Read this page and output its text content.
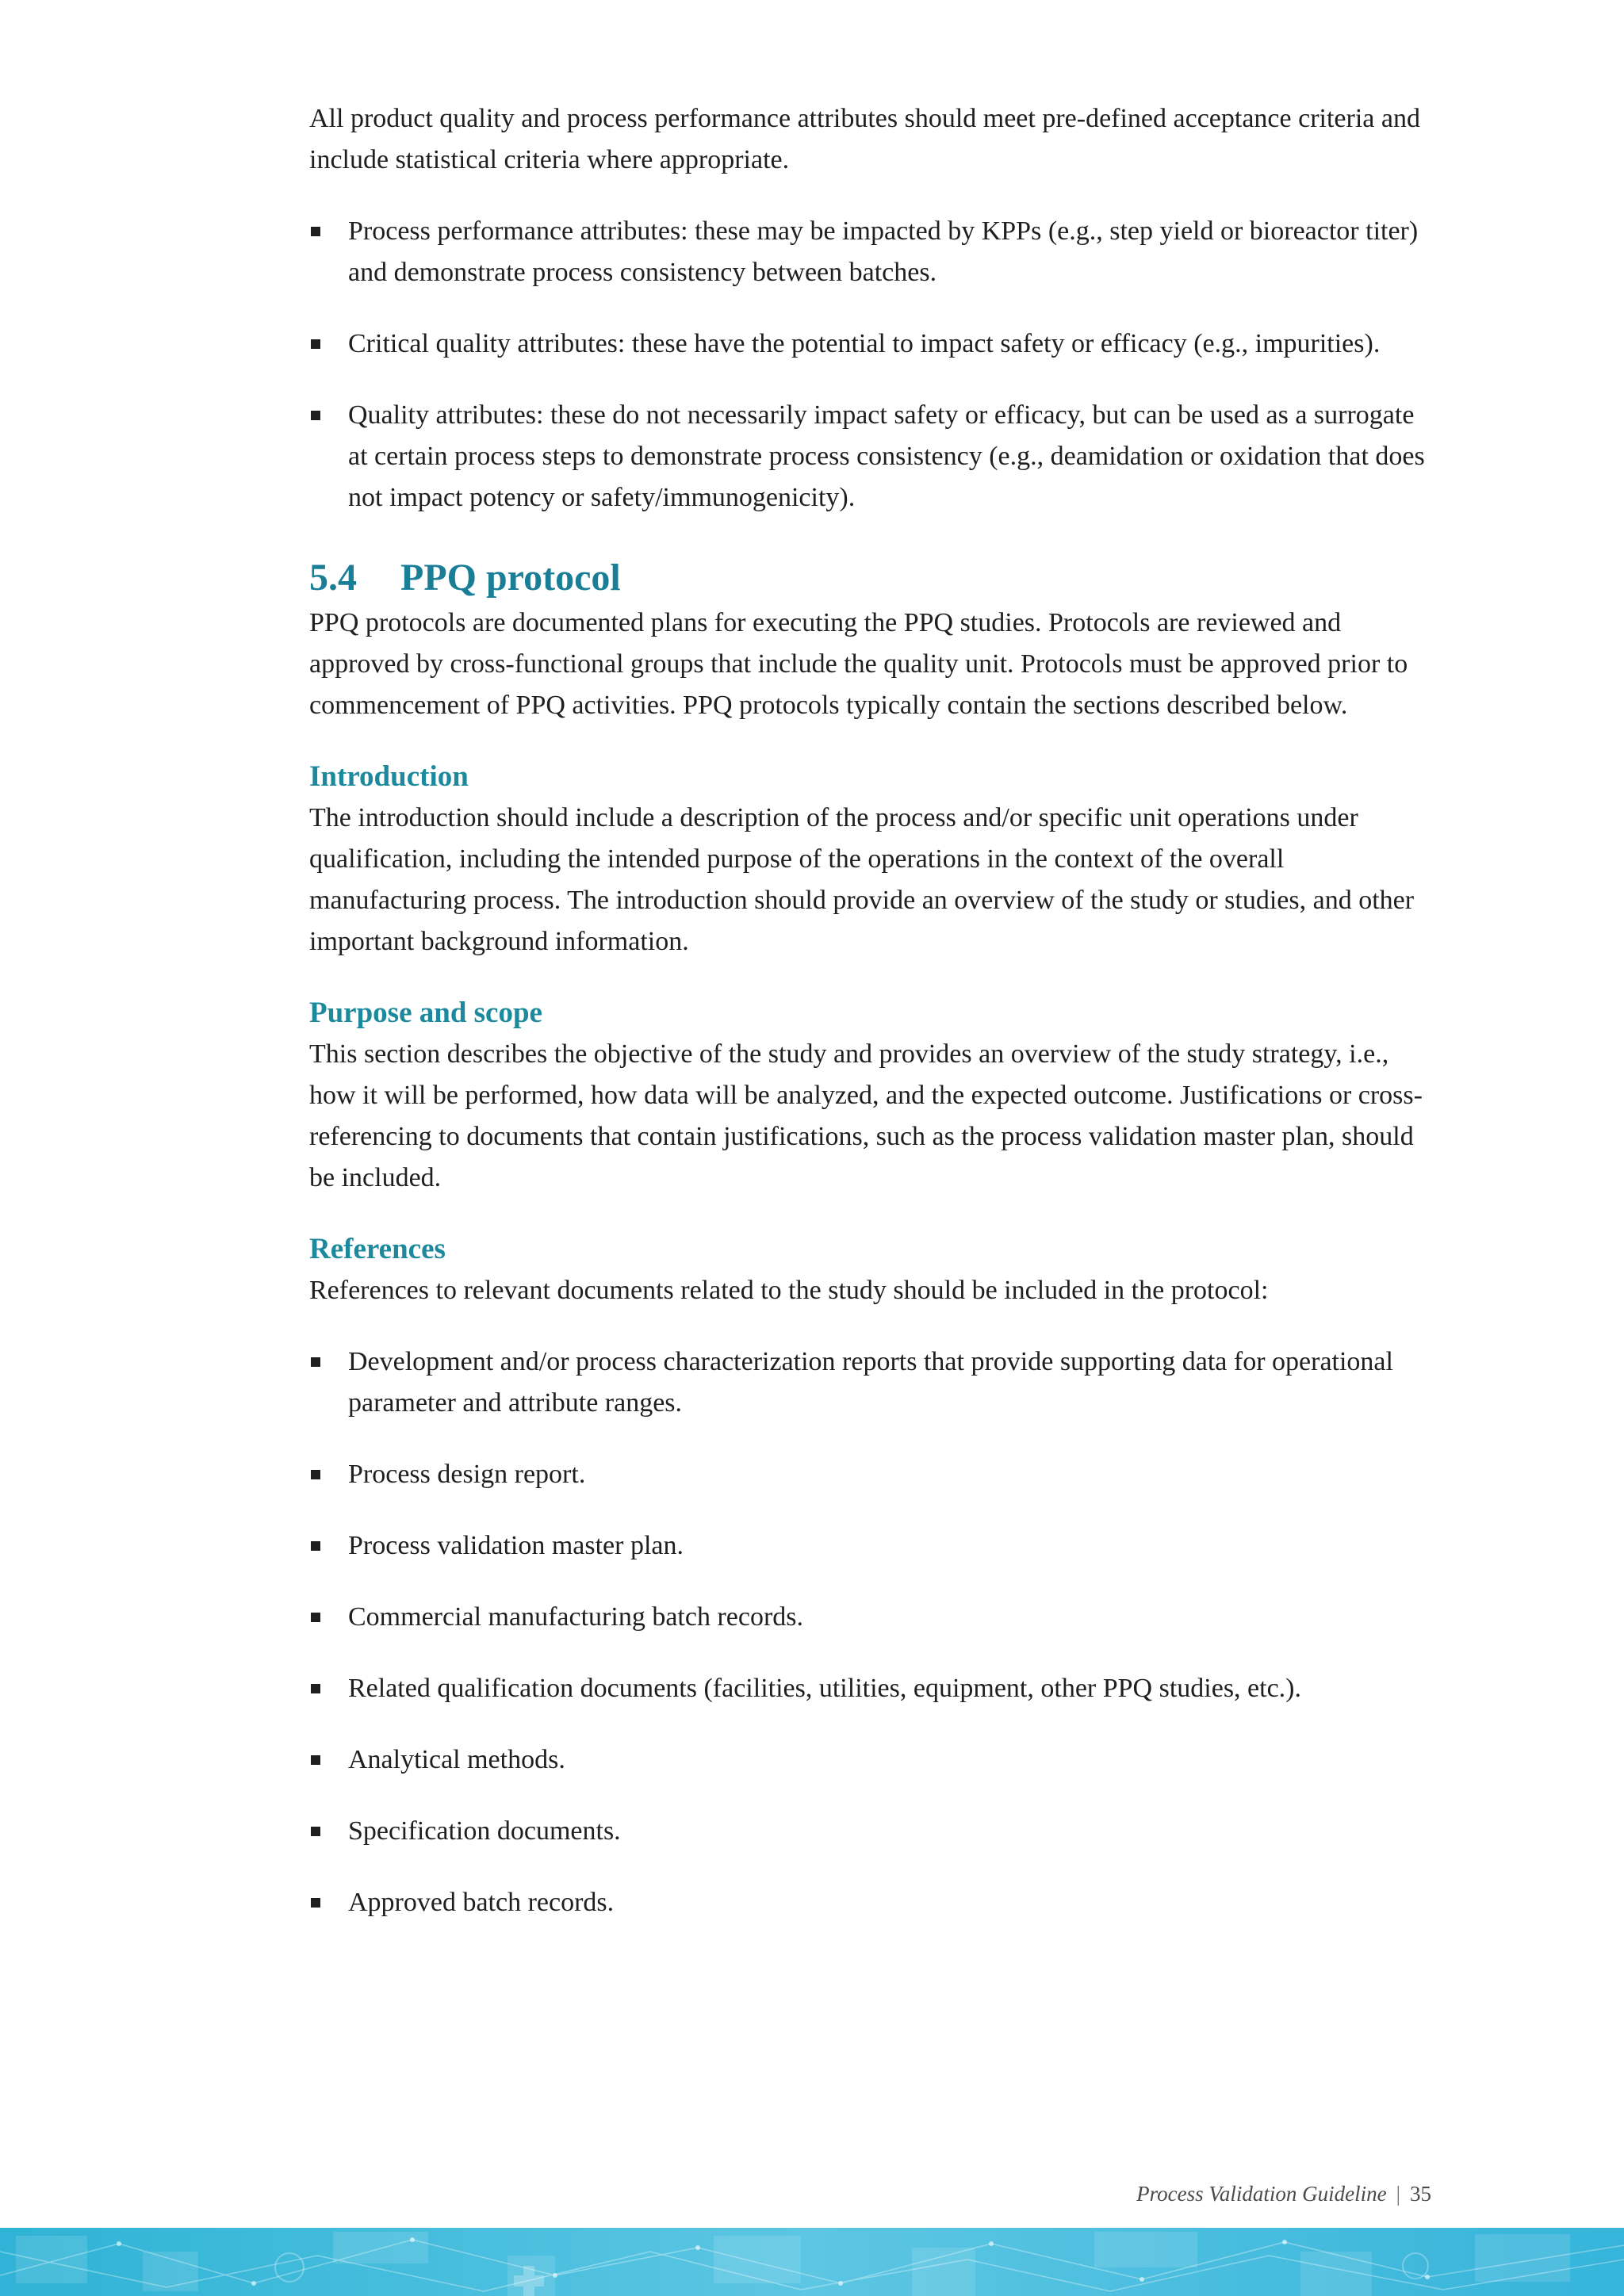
All product quality and process performance attributes should meet pre-defined acceptance criteria and include statistical criteria where appropriate.

Process performance attributes: these may be impacted by KPPs (e.g., step yield or bioreactor titer) and demonstrate process consistency between batches.
Critical quality attributes: these have the potential to impact safety or efficacy (e.g., impurities).
Quality attributes: these do not necessarily impact safety or efficacy, but can be used as a surrogate at certain process steps to demonstrate process consistency (e.g., deamidation or oxidation that does not impact potency or safety/immunogenicity).
5.4 PPQ protocol

PPQ protocols are documented plans for executing the PPQ studies. Protocols are reviewed and approved by cross-functional groups that include the quality unit. Protocols must be approved prior to commencement of PPQ activities. PPQ protocols typically contain the sections described below.

Introduction

The introduction should include a description of the process and/or specific unit operations under qualification, including the intended purpose of the operations in the context of the overall manufacturing process. The introduction should provide an overview of the study or studies, and other important background information.

Purpose and scope

This section describes the objective of the study and provides an overview of the study strategy, i.e., how it will be performed, how data will be analyzed, and the expected outcome. Justifications or cross-referencing to documents that contain justifications, such as the process validation master plan, should be included.

References

References to relevant documents related to the study should be included in the protocol:

Development and/or process characterization reports that provide supporting data for operational parameter and attribute ranges.
Process design report.
Process validation master plan.
Commercial manufacturing batch records.
Related qualification documents (facilities, utilities, equipment, other PPQ studies, etc.).
Analytical methods.
Specification documents.
Approved batch records.
Process Validation Guideline | 35
